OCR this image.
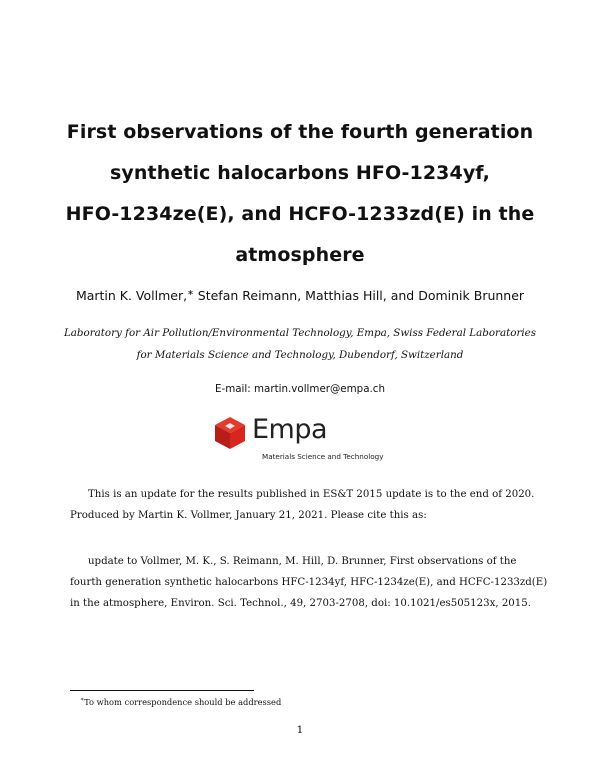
First observations of the fourth generation
synthetic halocarbons HFO-1234yf,
HFO-1234ze(E), and HCFO-1233zd(E) in the
atmosphere
Martin K. Vollmer,∗ Stefan Reimann, Matthias Hill, and Dominik Brunner
Laboratory for Air Pollution/Environmental Technology, Empa, Swiss Federal Laboratories
for Materials Science and Technology, Dubendorf, Switzerland
E-mail: martin.vollmer@empa.ch
Empa
Materials Science and Technology
This is an update for the results published in ES&T 2015 update is to the end of 2020.
Produced by Martin K. Vollmer, January 21, 2021. Please cite this as:
update to Vollmer, M. K., S. Reimann, M. Hill, D. Brunner, First observations of the
fourth generation synthetic halocarbons HFC-1234yf, HFC-1234ze(E), and HCFC-1233zd(E)
in the atmosphere, Environ. Sci. Technol., 49, 2703-2708, doi: 10.1021/es505123x, 2015.
∗To whom correspondence should be addressed
1
